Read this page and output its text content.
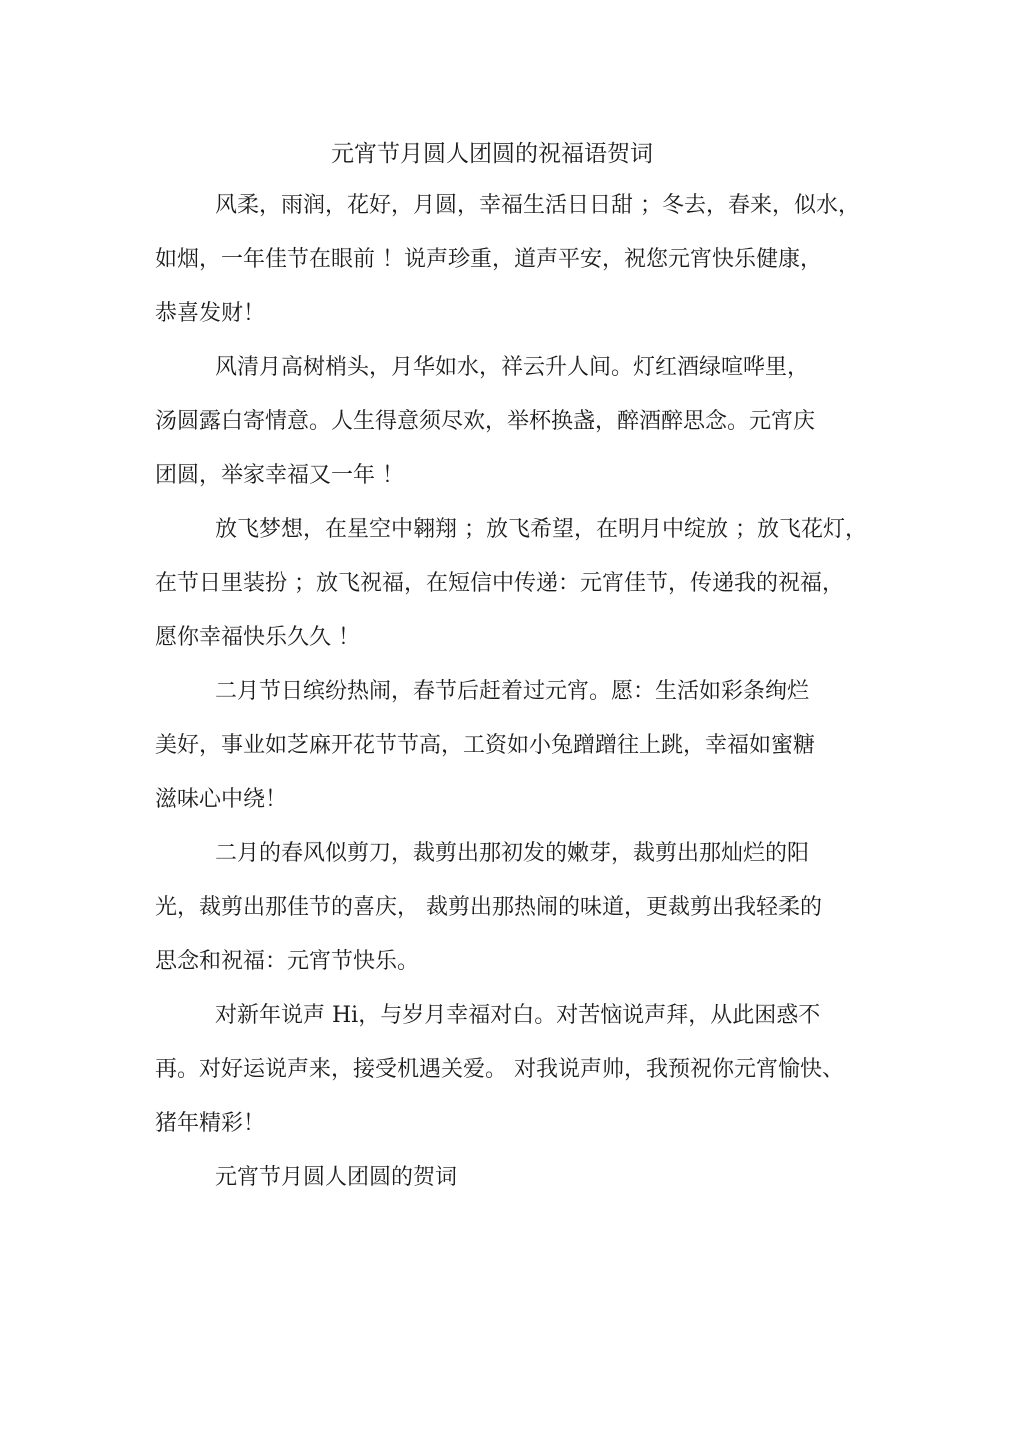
元宵节月圆人团圆的祝福语贺词

风柔，雨润，花好，月圆，幸福生活日日甜 ；冬去，春来，似水，
如烟，一年佳节在眼前 ！说声珍重，道声平安，祝您元宵快乐健康，
恭喜发财！

风清月高树梢头，月华如水，祥云升人间。灯红酒绿喧哗里，
汤圆露白寄情意。人生得意须尽欢，举杯换盏，醉酒醉思念。元宵庆
团圆，举家幸福又一年 ！

放飞梦想，在星空中翱翔 ；放飞希望，在明月中绽放 ；放飞花灯，
在节日里装扮 ；放飞祝福，在短信中传递：元宵佳节，传递我的祝福，
愿你幸福快乐久久 ！

二月节日缤纷热闹，春节后赶着过元宵。愿：生活如彩条绚烂
美好，事业如芝麻开花节节高，工资如小兔蹭蹭往上跳，幸福如蜜糖
滋味心中绕！

二月的春风似剪刀，裁剪出那初发的嫩芽，裁剪出那灿烂的阳
光，裁剪出那佳节的喜庆， 裁剪出那热闹的味道，更裁剪出我轻柔的
思念和祝福：元宵节快乐。

对新年说声 Hi，与岁月幸福对白。对苦恼说声拜，从此困惑不
再。对好运说声来，接受机遇关爱。 对我说声帅，我预祝你元宵愉快、
猪年精彩！

元宵节月圆人团圆的贺词
